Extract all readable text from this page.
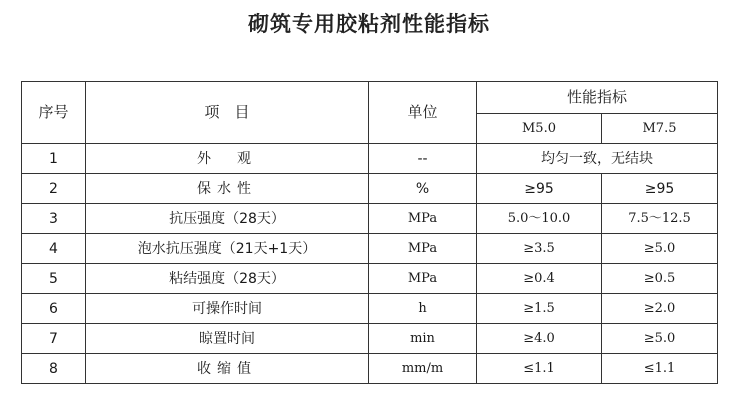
砌筑专用胶粘剂性能指标
序号	项　目	单位	性能指标	
			M5.0	M7.5
1	外　观	--	均匀一致，无结块	
2	保水性	%	≥95	≥95
3	抗压强度（28天）	MPa	5.0～10.0	7.5～12.5
4	泡水抗压强度（21天+1天）	MPa	≥3.5	≥5.0
5	粘结强度（28天）	MPa	≥0.4	≥0.5
6	可操作时间	h	≥1.5	≥2.0
7	晾置时间	min	≥4.0	≥5.0
8	收缩值	mm/m	≤1.1	≤1.1
